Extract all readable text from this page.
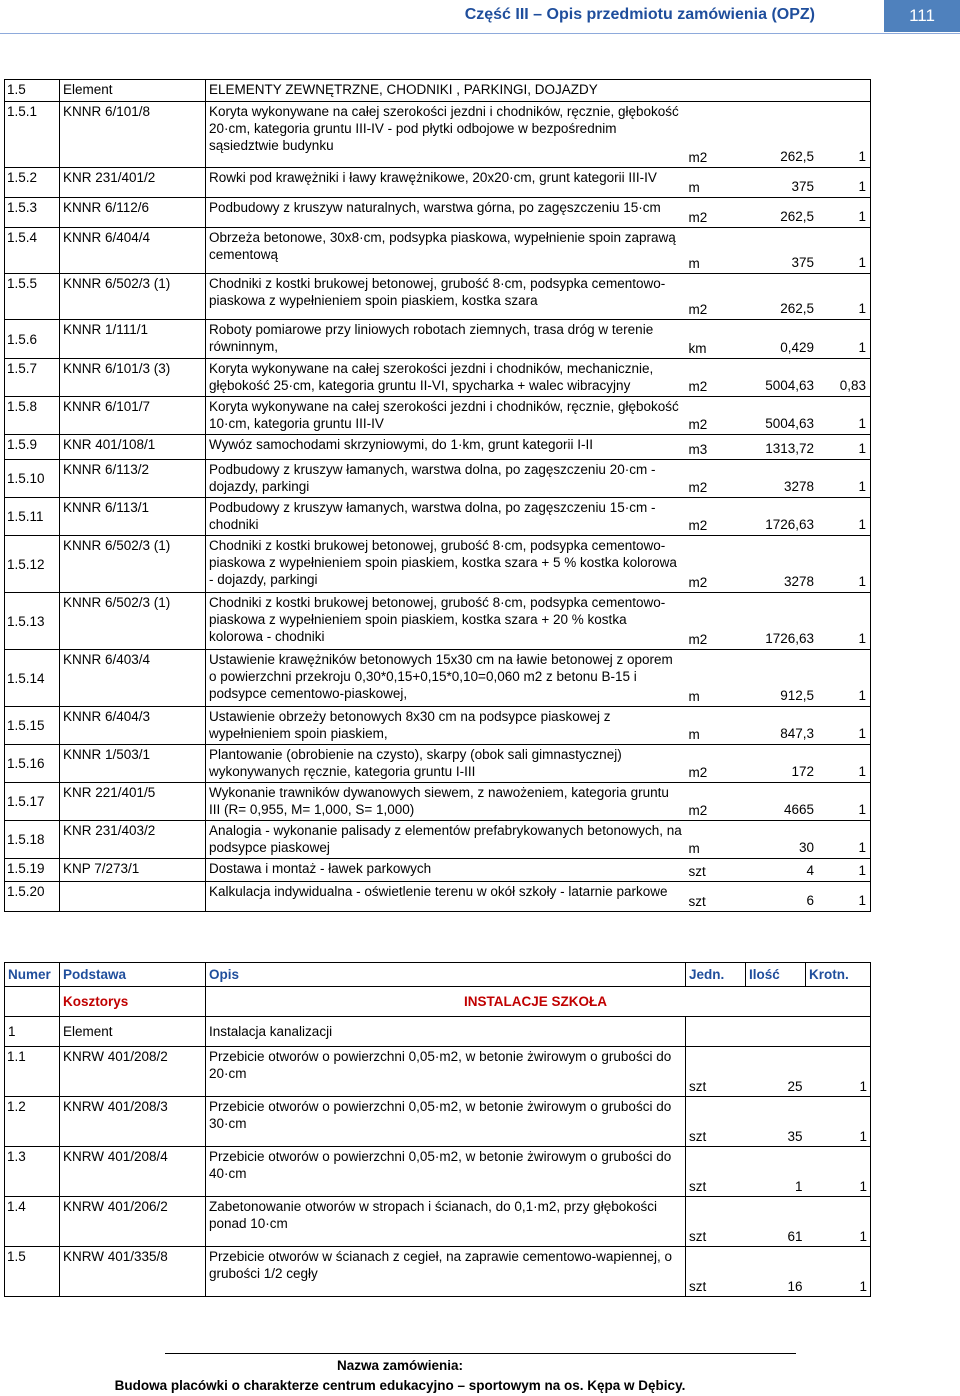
Część III – Opis przedmiotu zamówienia (OPZ)	111
1.5	Element	ELEMENTY ZEWNĘTRZNE, CHODNIKI , PARKINGI, DOJAZDY	
1.5.1	KNNR 6/101/8	Koryta wykonywane na całej szerokości jezdni i chodników, ręcznie, głębokość 20·cm, kategoria gruntu III-IV - pod płytki odbojowe w bezpośrednim sąsiedztwie budynku	m2 262,5 1

1.5.2	KNR 231/401/2	Rowki pod krawężniki i ławy krawężnikowe, 20x20·cm, grunt kategorii III-IV	m 375 1

1.5.3	KNNR 6/112/6	Podbudowy z kruszyw naturalnych, warstwa górna, po zagęszczeniu 15·cm	m2 262,5 1

1.5.4	KNNR 6/404/4	Obrzeża betonowe, 30x8·cm, podsypka piaskowa, wypełnienie spoin zaprawą cementową	m 375 1

1.5.5	KNNR 6/502/3 (1)	Chodniki z kostki brukowej betonowej, grubość 8·cm, podsypka cementowo-piaskowa z wypełnieniem spoin piaskiem, kostka szara	m2 262,5 1

1.5.6	KNNR 1/111/1	Roboty pomiarowe przy liniowych robotach ziemnych, trasa dróg w terenie równinnym,	km 0,429 1

1.5.7	KNNR 6/101/3 (3)	Koryta wykonywane na całej szerokości jezdni i chodników, mechanicznie, głębokość 25·cm, kategoria gruntu II-VI, spycharka + walec wibracyjny	m2 5004,63 0,83

1.5.8	KNNR 6/101/7	Koryta wykonywane na całej szerokości jezdni i chodników, ręcznie, głębokość 10·cm, kategoria gruntu III-IV	m2 5004,63 1

1.5.9	KNR 401/108/1	Wywóz samochodami skrzyniowymi, do 1·km, grunt kategorii I-II	m3 1313,72 1

1.5.10	KNNR 6/113/2	Podbudowy z kruszyw łamanych, warstwa dolna, po zagęszczeniu 20·cm - dojazdy, parkingi	m2 3278 1

1.5.11	KNNR 6/113/1	Podbudowy z kruszyw łamanych, warstwa dolna, po zagęszczeniu 15·cm - chodniki	m2 1726,63 1

1.5.12	KNNR 6/502/3 (1)	Chodniki z kostki brukowej betonowej, grubość 8·cm, podsypka cementowo-piaskowa z wypełnieniem spoin piaskiem, kostka szara + 5 % kostka kolorowa - dojazdy, parkingi	m2 3278 1

1.5.13	KNNR 6/502/3 (1)	Chodniki z kostki brukowej betonowej, grubość 8·cm, podsypka cementowo-piaskowa z wypełnieniem spoin piaskiem, kostka szara + 20 % kostka kolorowa - chodniki	m2 1726,63 1

1.5.14	KNNR 6/403/4	Ustawienie krawężników betonowych 15x30 cm na ławie betonowej z oporem o powierzchni przekroju 0,30*0,15+0,15*0,10=0,060 m2 z betonu B-15 i podsypce cementowo-piaskowej,	m 912,5 1

1.5.15	KNNR 6/404/3	Ustawienie obrzeży betonowych 8x30 cm na podsypce piaskowej z wypełnieniem spoin piaskiem,	m 847,3 1

1.5.16	KNNR 1/503/1	Plantowanie (obrobienie na czysto), skarpy (obok sali gimnastycznej) wykonywanych ręcznie, kategoria gruntu I-III	m2 172 1

1.5.17	KNR 221/401/5	Wykonanie trawników dywanowych siewem, z nawożeniem, kategoria gruntu III (R= 0,955, M= 1,000, S= 1,000)	m2 4665 1

1.5.18	KNR 231/403/2	Analogia - wykonanie palisady z elementów prefabrykowanych betonowych, na podsypce piaskowej	m 30 1

1.5.19	KNP 7/273/1	Dostawa i montaż - ławek parkowych	szt 4 1

1.5.20		Kalkulacja indywidualna - oświetlenie terenu w okół szkoły - latarnie parkowe	szt 6 1
Numer	Podstawa	Opis	Jedn.	Ilość	Krotn.
	Kosztorys	INSTALACJE SZKOŁA			
1	Element	Instalacja kanalizacji			
1.1	KNRW 401/208/2	Przebicie otworów o powierzchni 0,05·m2, w betonie żwirowym o grubości do 20·cm	szt	25	1
1.2	KNRW 401/208/3	Przebicie otworów o powierzchni 0,05·m2, w betonie żwirowym o grubości do 30·cm	szt	35	1
1.3	KNRW 401/208/4	Przebicie otworów o powierzchni 0,05·m2, w betonie żwirowym o grubości do 40·cm	szt	1	1
1.4	KNRW 401/206/2	Zabetonowanie otworów w stropach i ścianach, do 0,1·m2, przy głębokości ponad 10·cm	szt	61	1
1.5	KNRW 401/335/8	Przebicie otworów w ścianach z cegieł, na zaprawie cementowo-wapiennej, o grubości 1/2 cegły	szt	16	1
Nazwa zamówienia:
Budowa placówki o charakterze centrum edukacyjno – sportowym na os. Kępa w Dębicy.
